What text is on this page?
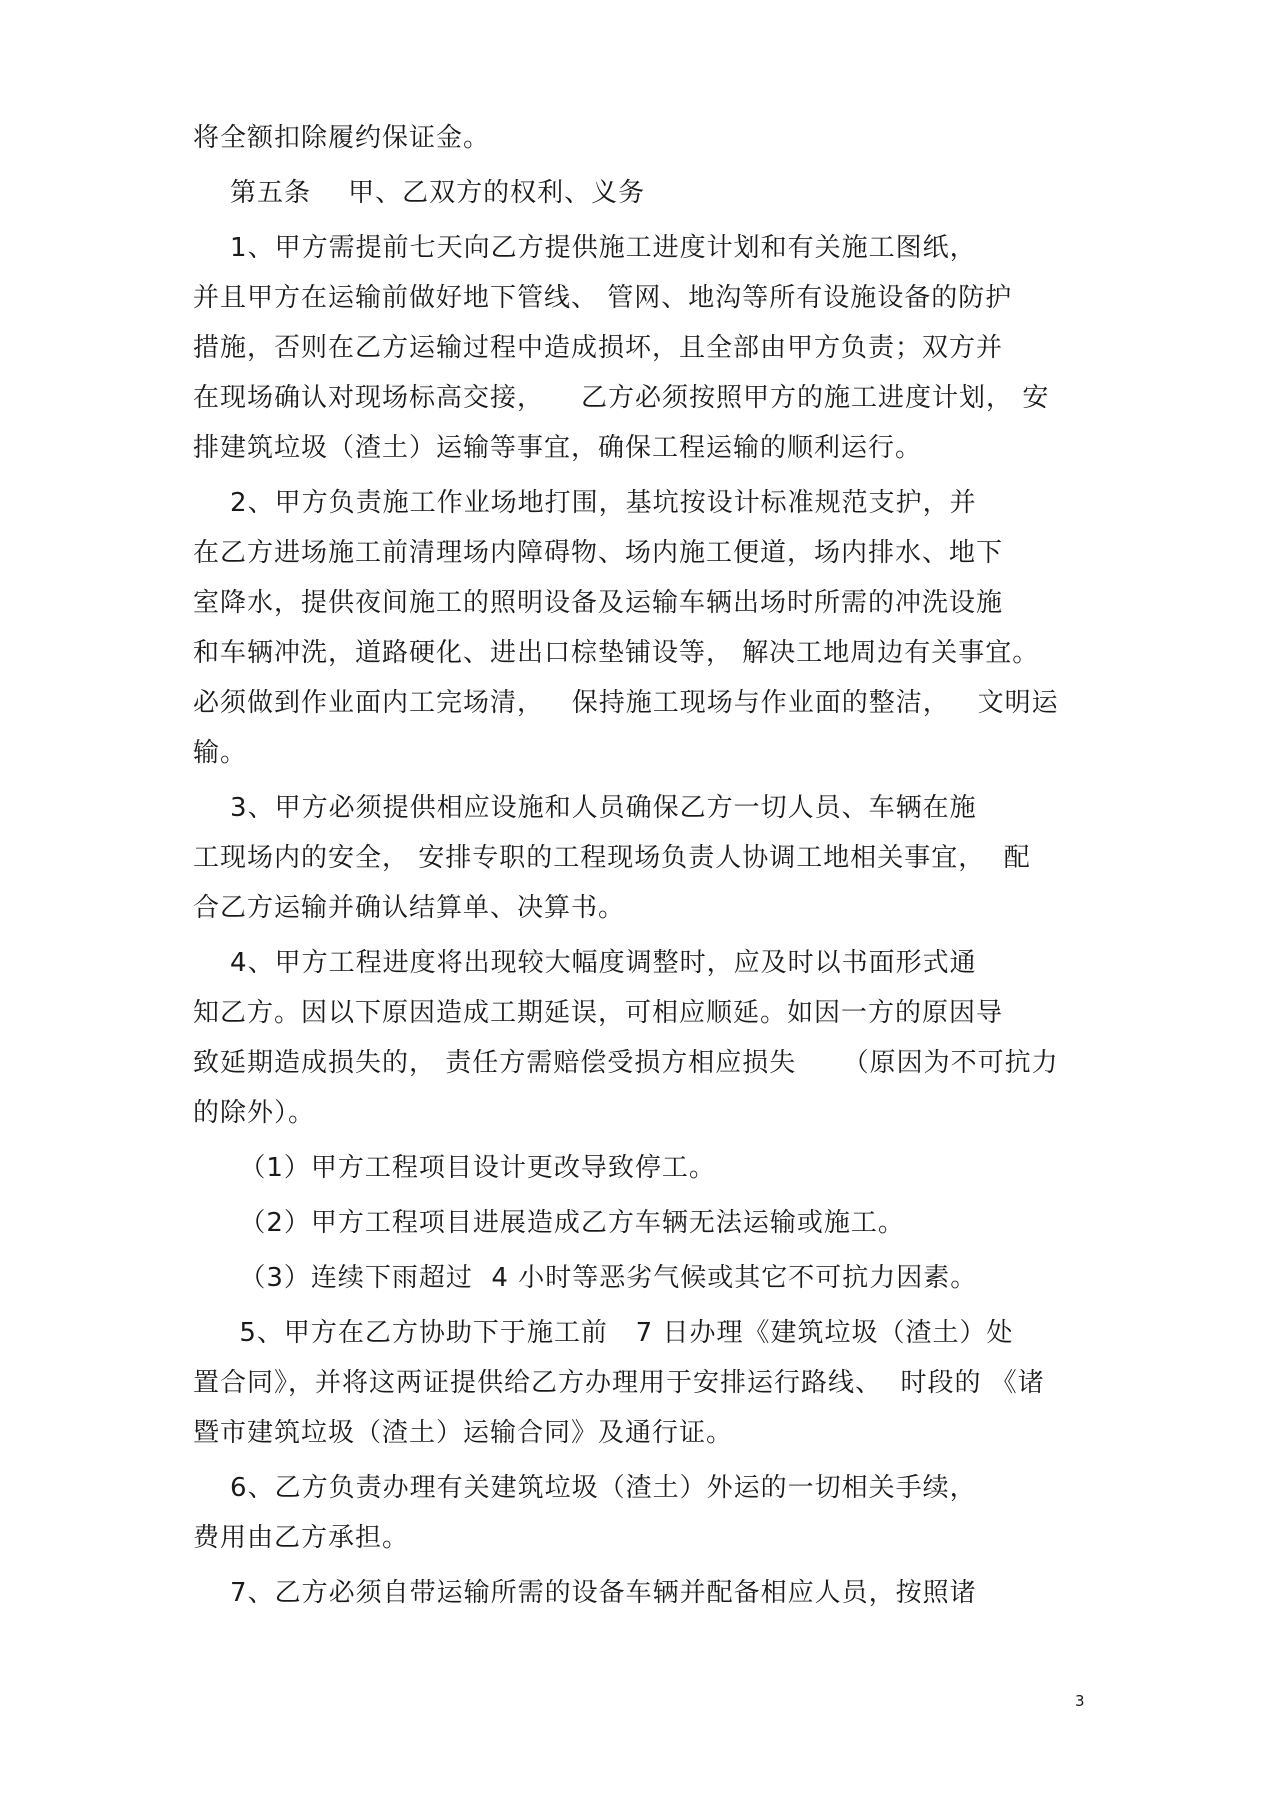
将全额扣除履约保证金。
第五条    甲、乙双方的权利、义务
1、甲方需提前七天向乙方提供施工进度计划和有关施工图纸，
并且甲方在运输前做好地下管线、 管网、地沟等所有设施设备的防护
措施，否则在乙方运输过程中造成损坏，且全部由甲方负责；双方并
在现场确认对现场标高交接，    乙方必须按照甲方的施工进度计划， 安
排建筑垃圾（渣土）运输等事宜，确保工程运输的顺利运行。
2、甲方负责施工作业场地打围，基坑按设计标准规范支护，并
在乙方进场施工前清理场内障碍物、场内施工便道，场内排水、地下
室降水，提供夜间施工的照明设备及运输车辆出场时所需的冲洗设施
和车辆冲洗，道路硬化、进出口棕垫铺设等， 解决工地周边有关事宜。
必须做到作业面内工完场清，   保持施工现场与作业面的整洁，   文明运
输。
3、甲方必须提供相应设施和人员确保乙方一切人员、车辆在施
工现场内的安全， 安排专职的工程现场负责人协调工地相关事宜，  配
合乙方运输并确认结算单、决算书。
4、甲方工程进度将出现较大幅度调整时，应及时以书面形式通
知乙方。因以下原因造成工期延误，可相应顺延。如因一方的原因导
致延期造成损失的， 责任方需赔偿受损方相应损失     （原因为不可抗力
的除外）。
（1）甲方工程项目设计更改导致停工。
（2）甲方工程项目进展造成乙方车辆无法运输或施工。
（3）连续下雨超过  4 小时等恶劣气候或其它不可抗力因素。
5、甲方在乙方协助下于施工前   7 日办理《建筑垃圾（渣土）处
置合同》，并将这两证提供给乙方办理用于安排运行路线、  时段的 《诸
暨市建筑垃圾（渣土）运输合同》及通行证。
6、乙方负责办理有关建筑垃圾（渣土）外运的一切相关手续，
费用由乙方承担。
7、乙方必须自带运输所需的设备车辆并配备相应人员，按照诸
3
